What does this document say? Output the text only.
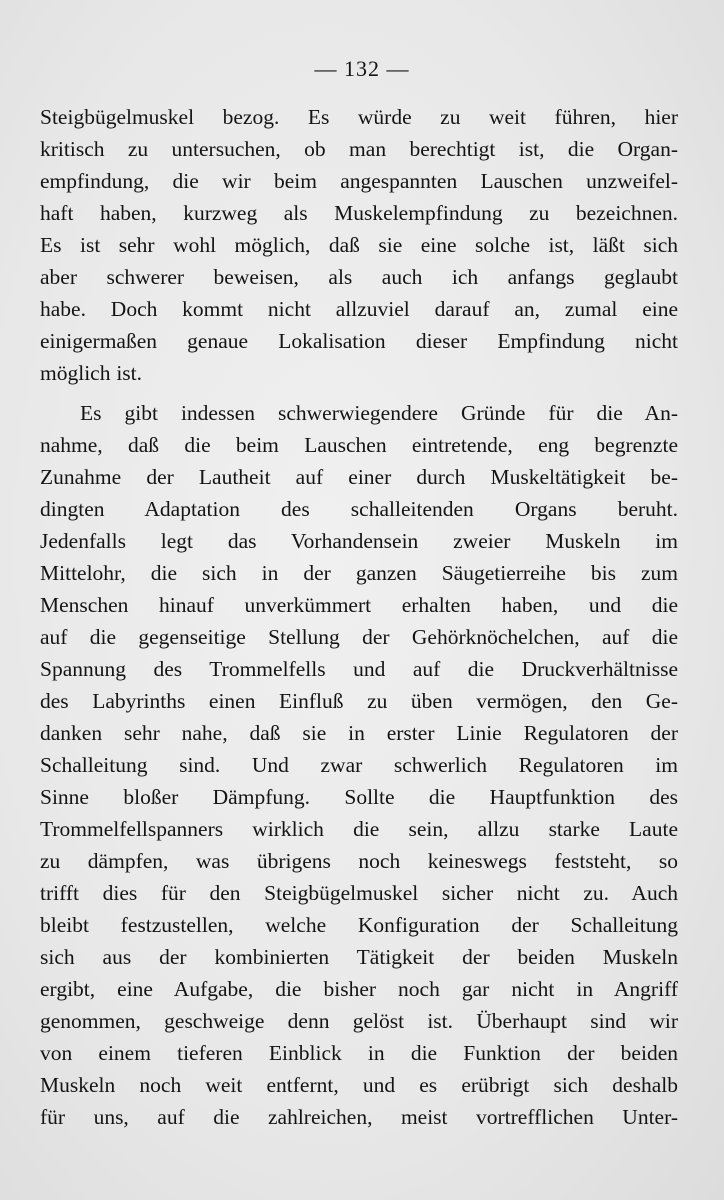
— 132 —
Steigbügelmuskel bezog. Es würde zu weit führen, hier
kritisch zu untersuchen, ob man berechtigt ist, die Organ-
empfindung, die wir beim angespannten Lauschen unzweifel-
haft haben, kurzweg als Muskelempfindung zu bezeichnen.
Es ist sehr wohl möglich, daß sie eine solche ist, läßt sich
aber schwerer beweisen, als auch ich anfangs geglaubt
habe. Doch kommt nicht allzuviel darauf an, zumal eine
einigermaßen genaue Lokalisation dieser Empfindung nicht
möglich ist.
Es gibt indessen schwerwiegendere Gründe für die An-
nahme, daß die beim Lauschen eintretende, eng begrenzte
Zunahme der Lautheit auf einer durch Muskeltätigkeit be-
dingten Adaptation des schalleitenden Organs beruht.
Jedenfalls legt das Vorhandensein zweier Muskeln im
Mittelohr, die sich in der ganzen Säugetierreihe bis zum
Menschen hinauf unverkümmert erhalten haben, und die
auf die gegenseitige Stellung der Gehörknöchelchen, auf die
Spannung des Trommelfells und auf die Druckverhältnisse
des Labyrinths einen Einfluß zu üben vermögen, den Ge-
danken sehr nahe, daß sie in erster Linie Regulatoren der
Schalleitung sind. Und zwar schwerlich Regulatoren im
Sinne bloßer Dämpfung. Sollte die Hauptfunktion des
Trommelfellspanners wirklich die sein, allzu starke Laute
zu dämpfen, was übrigens noch keineswegs feststeht, so
trifft dies für den Steigbügelmuskel sicher nicht zu. Auch
bleibt festzustellen, welche Konfiguration der Schalleitung
sich aus der kombinierten Tätigkeit der beiden Muskeln
ergibt, eine Aufgabe, die bisher noch gar nicht in Angriff
genommen, geschweige denn gelöst ist. Überhaupt sind wir
von einem tieferen Einblick in die Funktion der beiden
Muskeln noch weit entfernt, und es erübrigt sich deshalb
für uns, auf die zahlreichen, meist vortrefflichen Unter-
